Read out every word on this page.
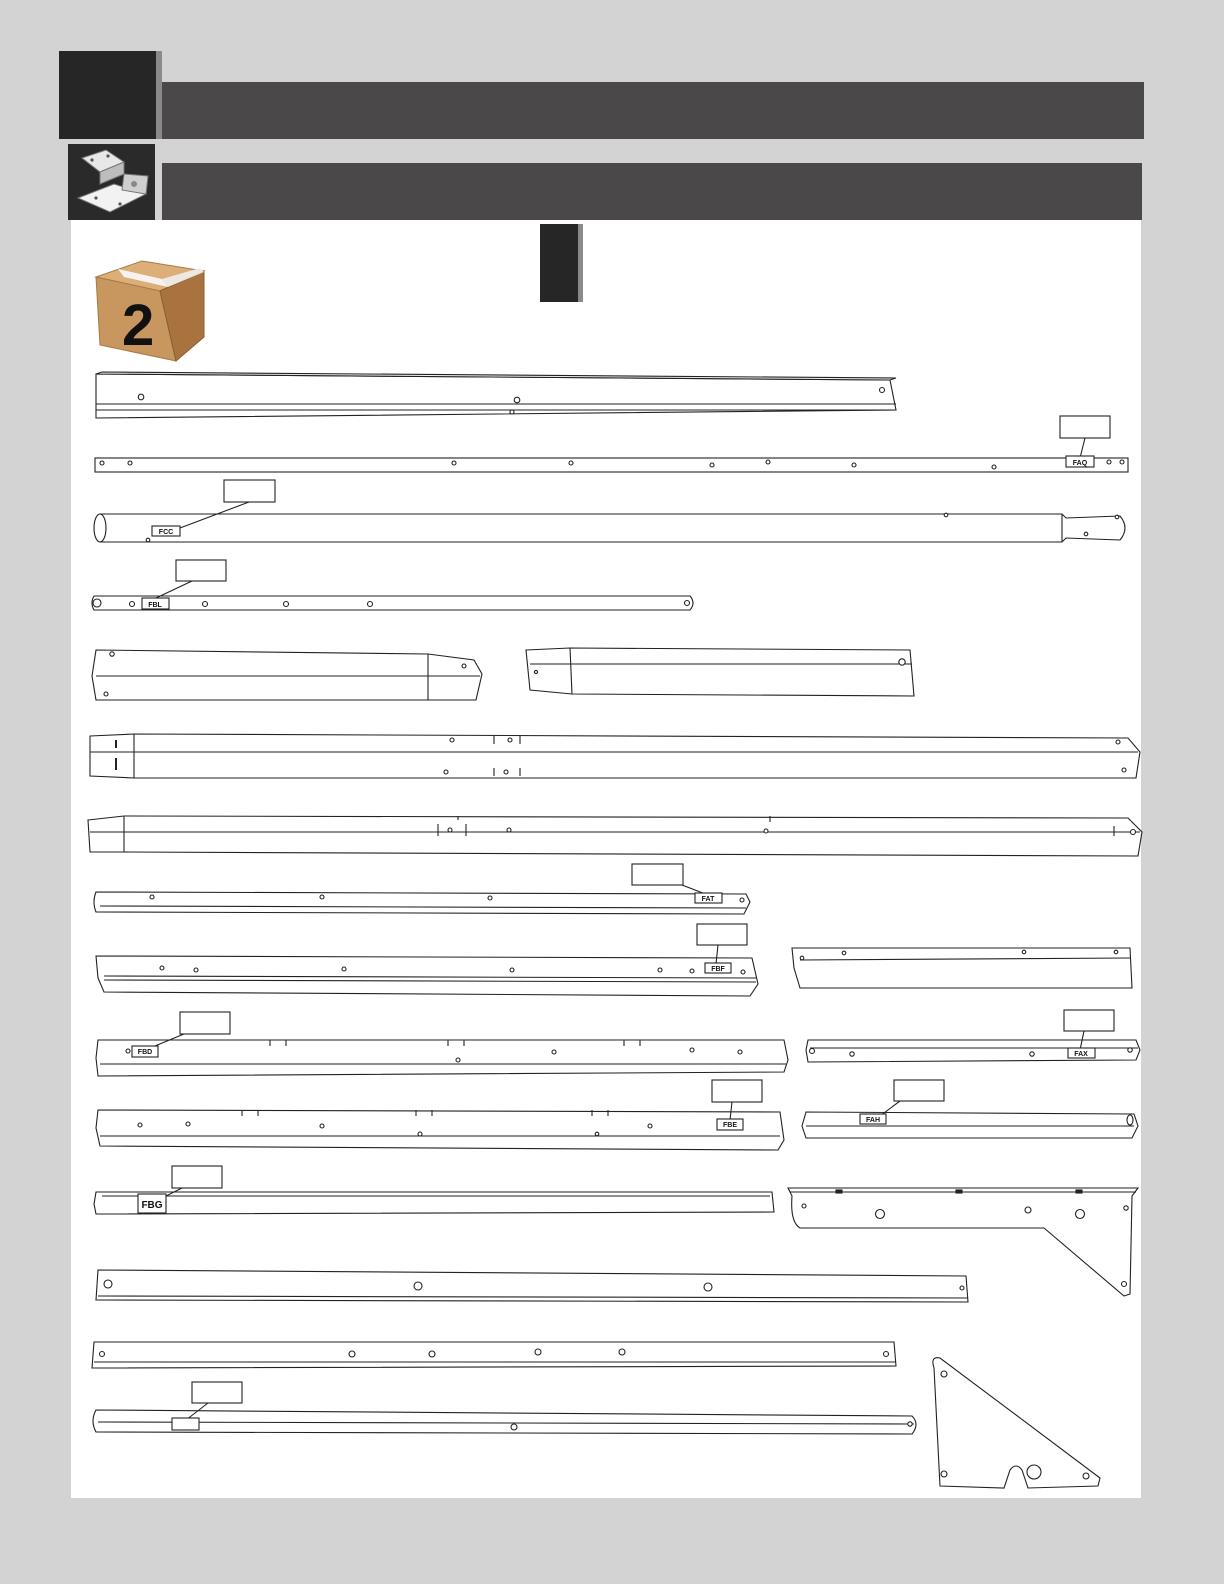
2
FAQ
FCC
FBL
FAT
FBF
FBD	FAX
FBE
FAH
FBG
